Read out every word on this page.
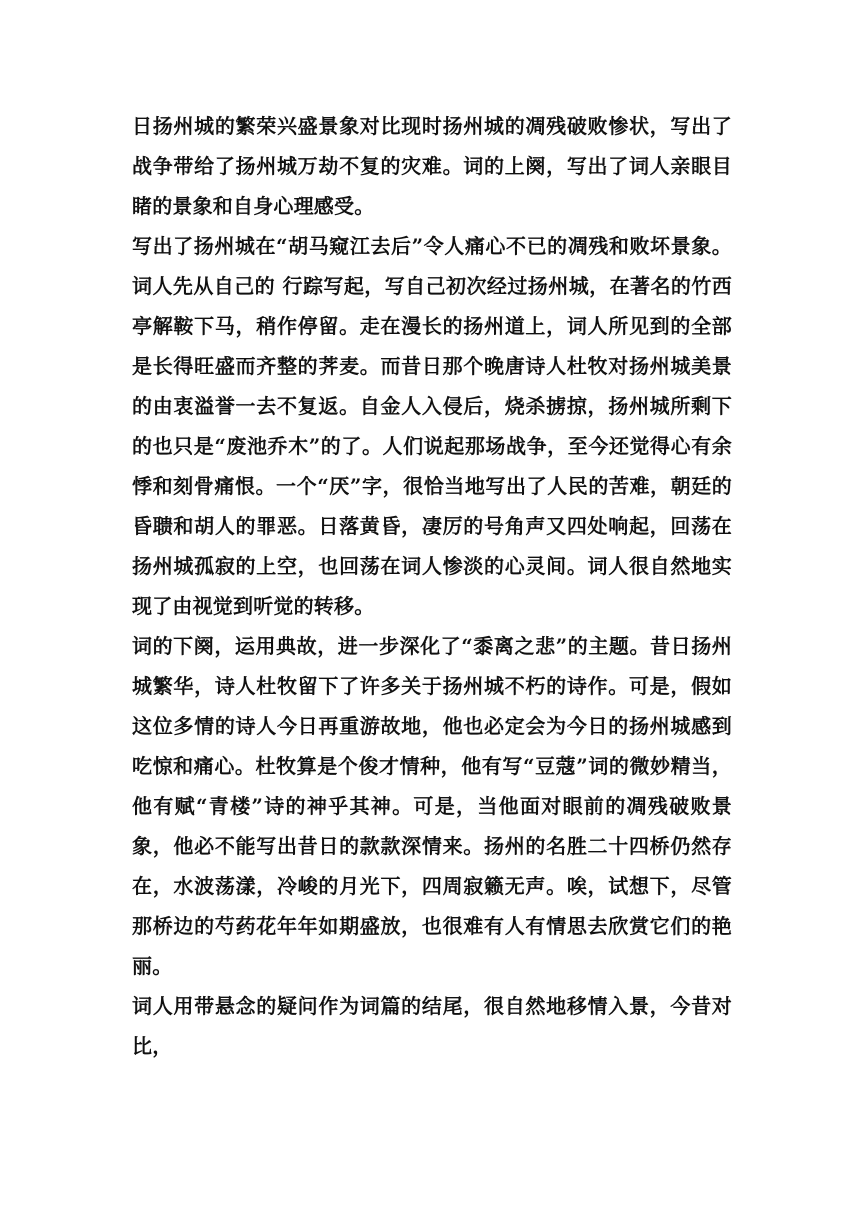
日扬州城的繁荣兴盛景象对比现时扬州城的凋残破败惨状，写出了战争带给了扬州城万劫不复的灾难。词的上阕，写出了词人亲眼目睹的景象和自身心理感受。

写出了扬州城在“胡马窥江去后”令人痛心不已的凋残和败坏景象。词人先从自己的 行踪写起，写自己初次经过扬州城，在著名的竹西亭解鞍下马，稍作停留。走在漫长的扬州道上，词人所见到的全部是长得旺盛而齐整的荠麦。而昔日那个晚唐诗人杜牧对扬州城美景的由衷溢誉一去不复返。自金人入侵后，烧杀掳掠，扬州城所剩下的也只是“废池乔木”的了。人们说起那场战争，至今还觉得心有余悸和刻骨痛恨。一个“厌”字，很恰当地写出了人民的苦难，朝廷的昏聩和胡人的罪恶。日落黄昏，凄厉的号角声又四处响起，回荡在扬州城孤寂的上空，也回荡在词人惨淡的心灵间。词人很自然地实现了由视觉到听觉的转移。

词的下阕，运用典故，进一步深化了“黍离之悲”的主题。昔日扬州城繁华，诗人杜牧留下了许多关于扬州城不朽的诗作。可是，假如这位多情的诗人今日再重游故地，他也必定会为今日的扬州城感到吃惊和痛心。杜牧算是个俊才情种，他有写“豆蔻”词的微妙精当，他有赋“青楼”诗的神乎其神。可是，当他面对眼前的凋残破败景象，他必不能写出昔日的款款深情来。扬州的名胜二十四桥仍然存在，水波荡漾，冷峻的月光下，四周寂籁无声。唉，试想下，尽管那桥边的芍药花年年如期盛放，也很难有人有情思去欣赏它们的艳丽。

词人用带悬念的疑问作为词篇的结尾，很自然地移情入景，今昔对比，
